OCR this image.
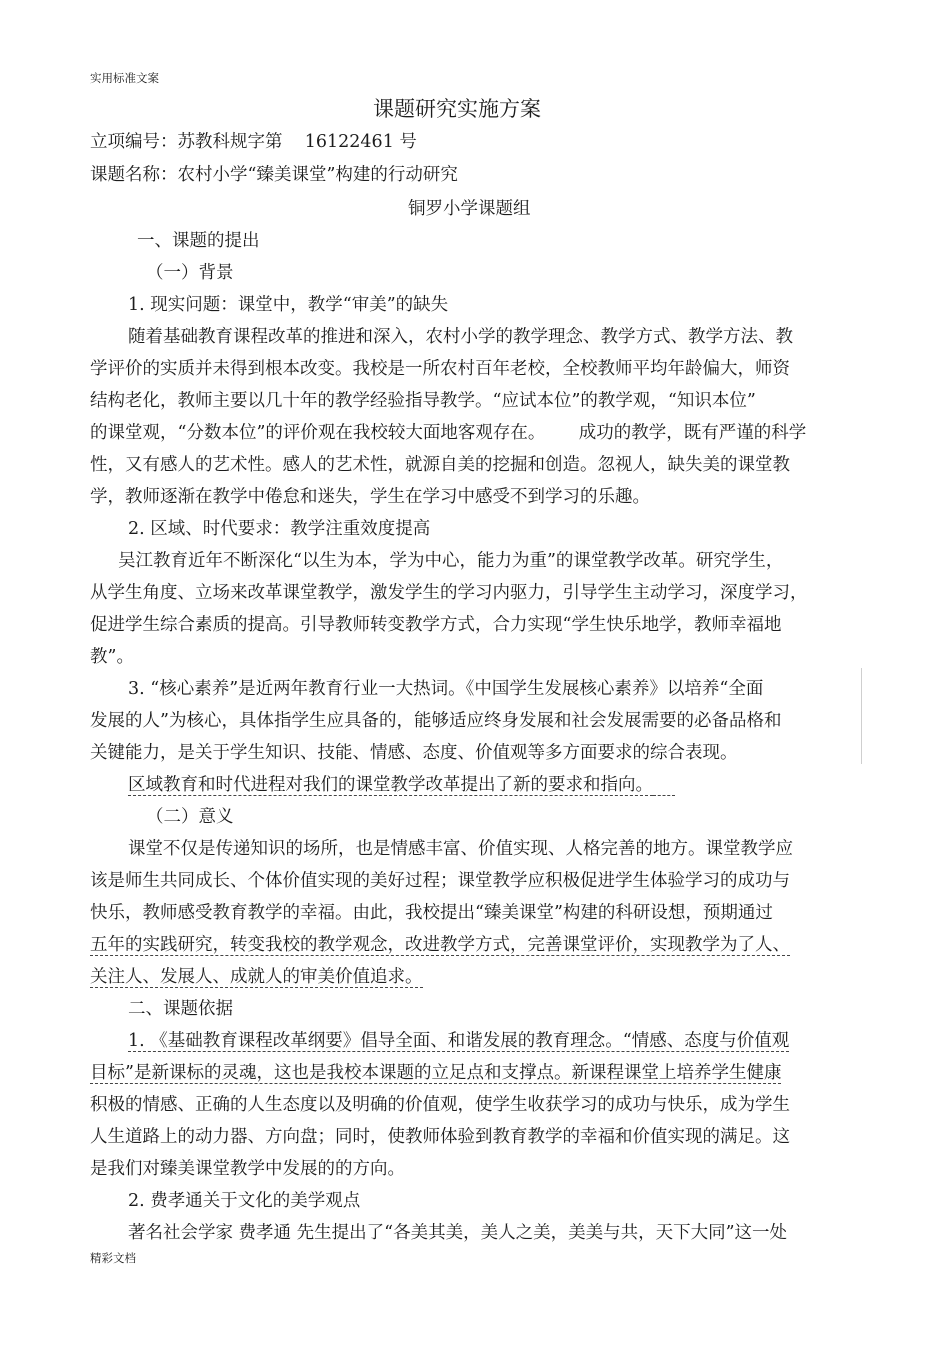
实用标准文案
课题研究实施方案
立项编号：苏教科规字第    16122461 号
课题名称：农村小学“臻美课堂”构建的行动研究
铜罗小学课题组
一、课题的提出
（一）背景
1. 现实问题：课堂中，教学“审美”的缺失
随着基础教育课程改革的推进和深入，农村小学的教学理念、教学方式、教学方法、教
学评价的实质并未得到根本改变。我校是一所农村百年老校，全校教师平均年龄偏大，师资
结构老化，教师主要以几十年的教学经验指导教学。“应试本位”的教学观，“知识本位”
的课堂观，“分数本位”的评价观在我校较大面地客观存在。      成功的教学，既有严谨的科学
性，又有感人的艺术性。感人的艺术性，就源自美的挖掘和创造。忽视人，缺失美的课堂教
学，教师逐渐在教学中倦怠和迷失，学生在学习中感受不到学习的乐趣。
2. 区域、时代要求：教学注重效度提高
吴江教育近年不断深化“以生为本，学为中心，能力为重”的课堂教学改革。研究学生，
从学生角度、立场来改革课堂教学，激发学生的学习内驱力，引导学生主动学习，深度学习，
促进学生综合素质的提高。引导教师转变教学方式，合力实现“学生快乐地学，教师幸福地
教”。
3. “核心素养”是近两年教育行业一大热词。《中国学生发展核心素养》以培养“全面
发展的人”为核心，具体指学生应具备的，能够适应终身发展和社会发展需要的必备品格和
关键能力，是关于学生知识、技能、情感、态度、价值观等多方面要求的综合表现。
区域教育和时代进程对我们的课堂教学改革提出了新的要求和指向。
（二）意义
课堂不仅是传递知识的场所，也是情感丰富、价值实现、人格完善的地方。课堂教学应
该是师生共同成长、个体价值实现的美好过程；课堂教学应积极促进学生体验学习的成功与
快乐，教师感受教育教学的幸福。由此，我校提出“臻美课堂”构建的科研设想，预期通过
五年的实践研究，转变我校的教学观念，改进教学方式，完善课堂评价，实现教学为了人、
关注人、发展人、成就人的审美价值追求。
二、课题依据
1. 《基础教育课程改革纲要》倡导全面、和谐发展的教育理念。“情感、态度与价值观
目标”是新课标的灵魂，这也是我校本课题的立足点和支撑点。新课程课堂上培养学生健康
积极的情感、正确的人生态度以及明确的价值观，使学生收获学习的成功与快乐，成为学生
人生道路上的动力器、方向盘；同时，使教师体验到教育教学的幸福和价值实现的满足。这
是我们对臻美课堂教学中发展的的方向。
2. 费孝通关于文化的美学观点
著名社会学家 费孝通 先生提出了“各美其美，美人之美，美美与共，天下大同”这一处
精彩文档
